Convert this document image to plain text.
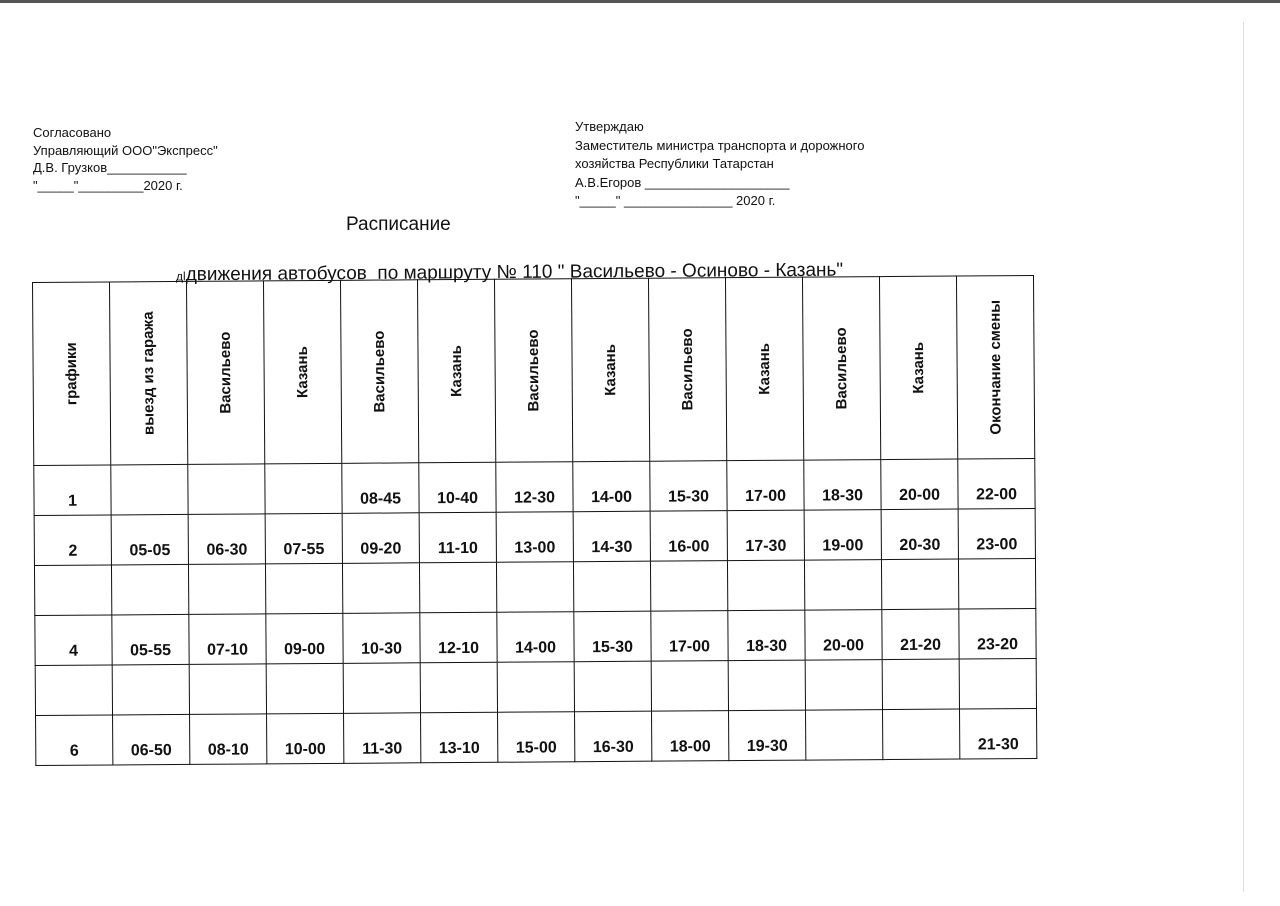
Согласовано
Управляющий ООО"Экспресс"
Д.В. Грузков___________
"_____"_________2020 г.
Утверждаю
Заместитель министра транспорта и дорожного
хозяйства Республики Татарстан
А.В.Егоров ____________________
"_____" _______________ 2020 г.
Расписание
дlдвижения автобусов  по маршруту № 110 " Васильево - Осиново - Казань"
графики	выезд из гаража	Васильево	Казань	Васильево	Казань	Васильево	Казань	Васильево	Казань	Васильево	Казань	Окончание смены

1				08-45	10-40	12-30	14-00	15-30	17-00	18-30	20-00	22-00
2	05-05	06-30	07-55	09-20	11-10	13-00	14-30	16-00	17-30	19-00	20-30	23-00

4	05-55	07-10	09-00	10-30	12-10	14-00	15-30	17-00	18-30	20-00	21-20	23-20

6	06-50	08-10	10-00	11-30	13-10	15-00	16-30	18-00	19-30			21-30
